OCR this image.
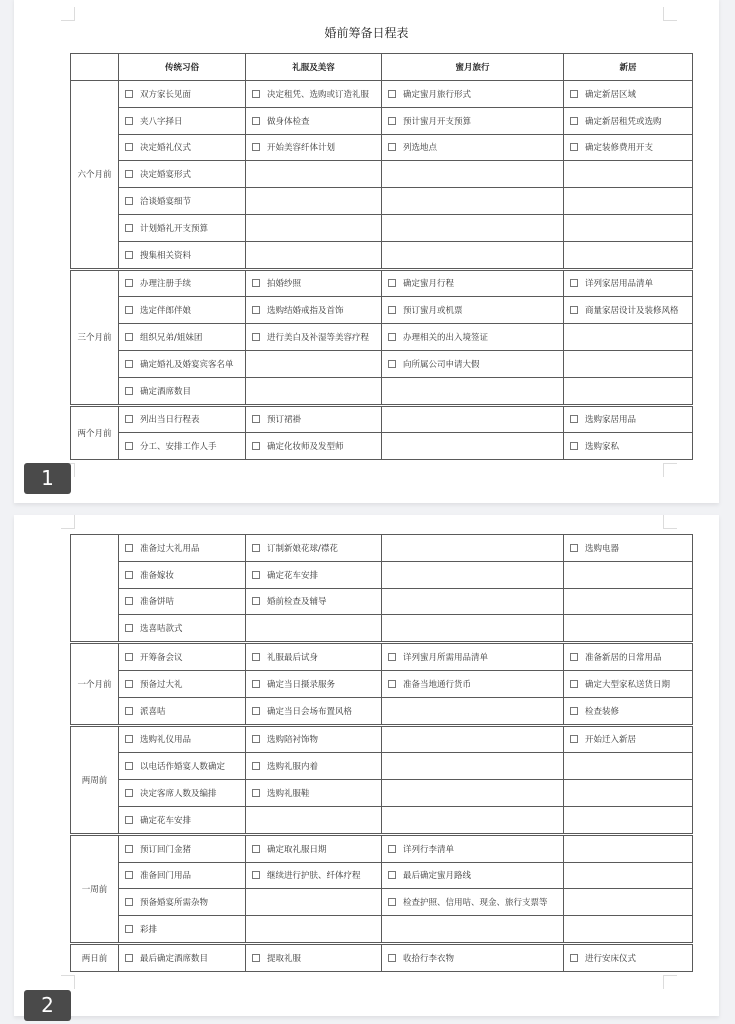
婚前筹备日程表
	传统习俗	礼服及美容	蜜月旅行	新居
六个月前	双方家长见面	决定租凭、选购或订造礼服	确定蜜月旅行形式	确定新居区域
	夹八字择日	做身体检查	预计蜜月开支预算	确定新居租凭或选购
	决定婚礼仪式	开始美容纤体计划	列选地点	确定装修费用开支
	决定婚宴形式			
	洽谈婚宴细节			
	计划婚礼开支预算			
	搜集相关资料			
三个月前	办理注册手续	拍婚纱照	确定蜜月行程	详列家居用品清单
	选定伴郎伴娘	选购结婚戒指及首饰	预订蜜月或机票	商量家居设计及装修风格
	组织兄弟/姐妹团	进行美白及补湿等美容疗程	办理相关的出入境签证	
	确定婚礼及婚宴宾客名单		向所属公司申请大假	
	确定酒席数目			
两个月前	列出当日行程表	预订裙褂		选购家居用品
	分工、安排工作人手	确定化妆师及发型师		选购家私
1
	准备过大礼用品	订制新娘花球/襟花		选购电器
	准备嫁妆	确定花车安排		
	准备饼咭	婚前检查及辅导		
	选喜咭款式			
一个月前	开筹备会议	礼服最后试身	详列蜜月所需用品清单	准备新居的日常用品
	预备过大礼	确定当日摄录服务	准备当地通行货币	确定大型家私送货日期
	派喜咭	确定当日会场布置风格		检查装修
两周前	选购礼仪用品	选购陪衬饰物		开始迁入新居
	以电话作婚宴人数确定	选购礼服内着		
	决定客席人数及编排	选购礼服鞋		
	确定花车安排			
一周前	预订回门金猪	确定取礼服日期	详列行李清单	
	准备回门用品	继续进行护肤、纤体疗程	最后确定蜜月路线	
	预备婚宴所需杂物		检查护照、信用咭、现金、旅行支票等	
	彩排			
两日前	最后确定酒席数目	提取礼服	收拾行李衣物	进行安床仪式
2
